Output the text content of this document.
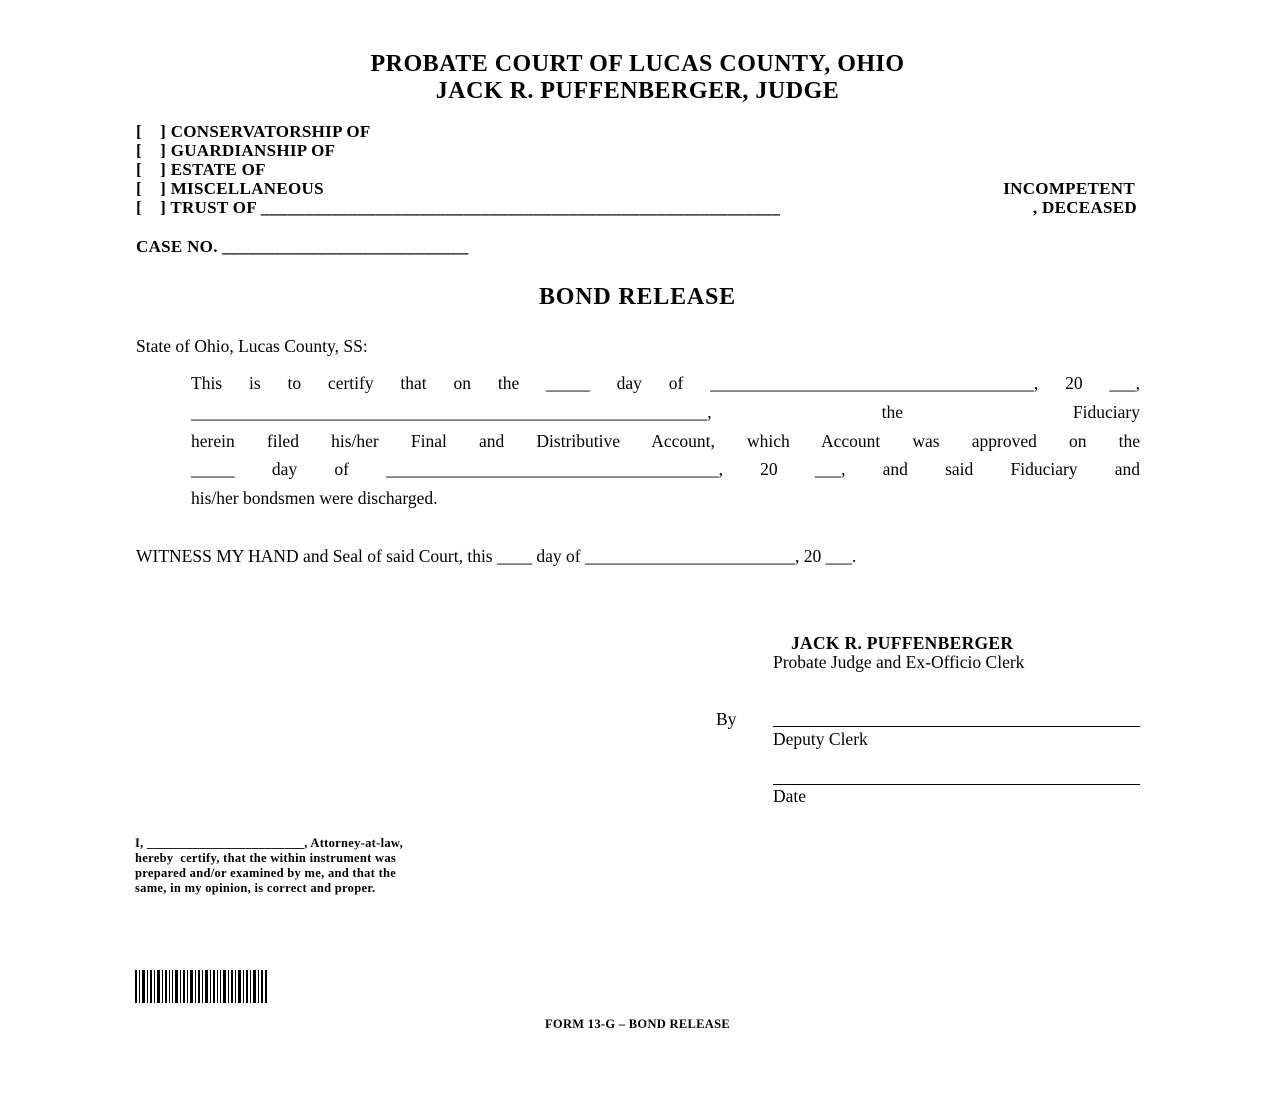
PROBATE COURT OF LUCAS COUNTY, OHIO
JACK R. PUFFENBERGER, JUDGE
[    ] CONSERVATORSHIP OF
[    ] GUARDIANSHIP OF
[    ] ESTATE OF
[    ] MISCELLANEOUS
[    ] TRUST OF ___________________________________________________________
INCOMPETENT
, DECEASED
CASE NO. ____________________________
BOND RELEASE
State of Ohio, Lucas County, SS:
This is to certify that on the _____ day of _____________________________________, 20 ___,
___________________________________________________________,	the	Fiduciary
herein filed his/her Final and Distributive Account, which Account was approved on the
_____ day of ______________________________________, 20 ___, and said Fiduciary and
his/her bondsmen were discharged.
WITNESS MY HAND and Seal of said Court, this ____ day of ________________________, 20 ___.
JACK R. PUFFENBERGER
Probate Judge and Ex-Officio Clerk
By
Deputy Clerk
Date
I, ________________________, Attorney-at-law,
hereby  certify, that the within instrument was
prepared and/or examined by me, and that the
same, in my opinion, is correct and proper.
FORM 13-G – BOND RELEASE
